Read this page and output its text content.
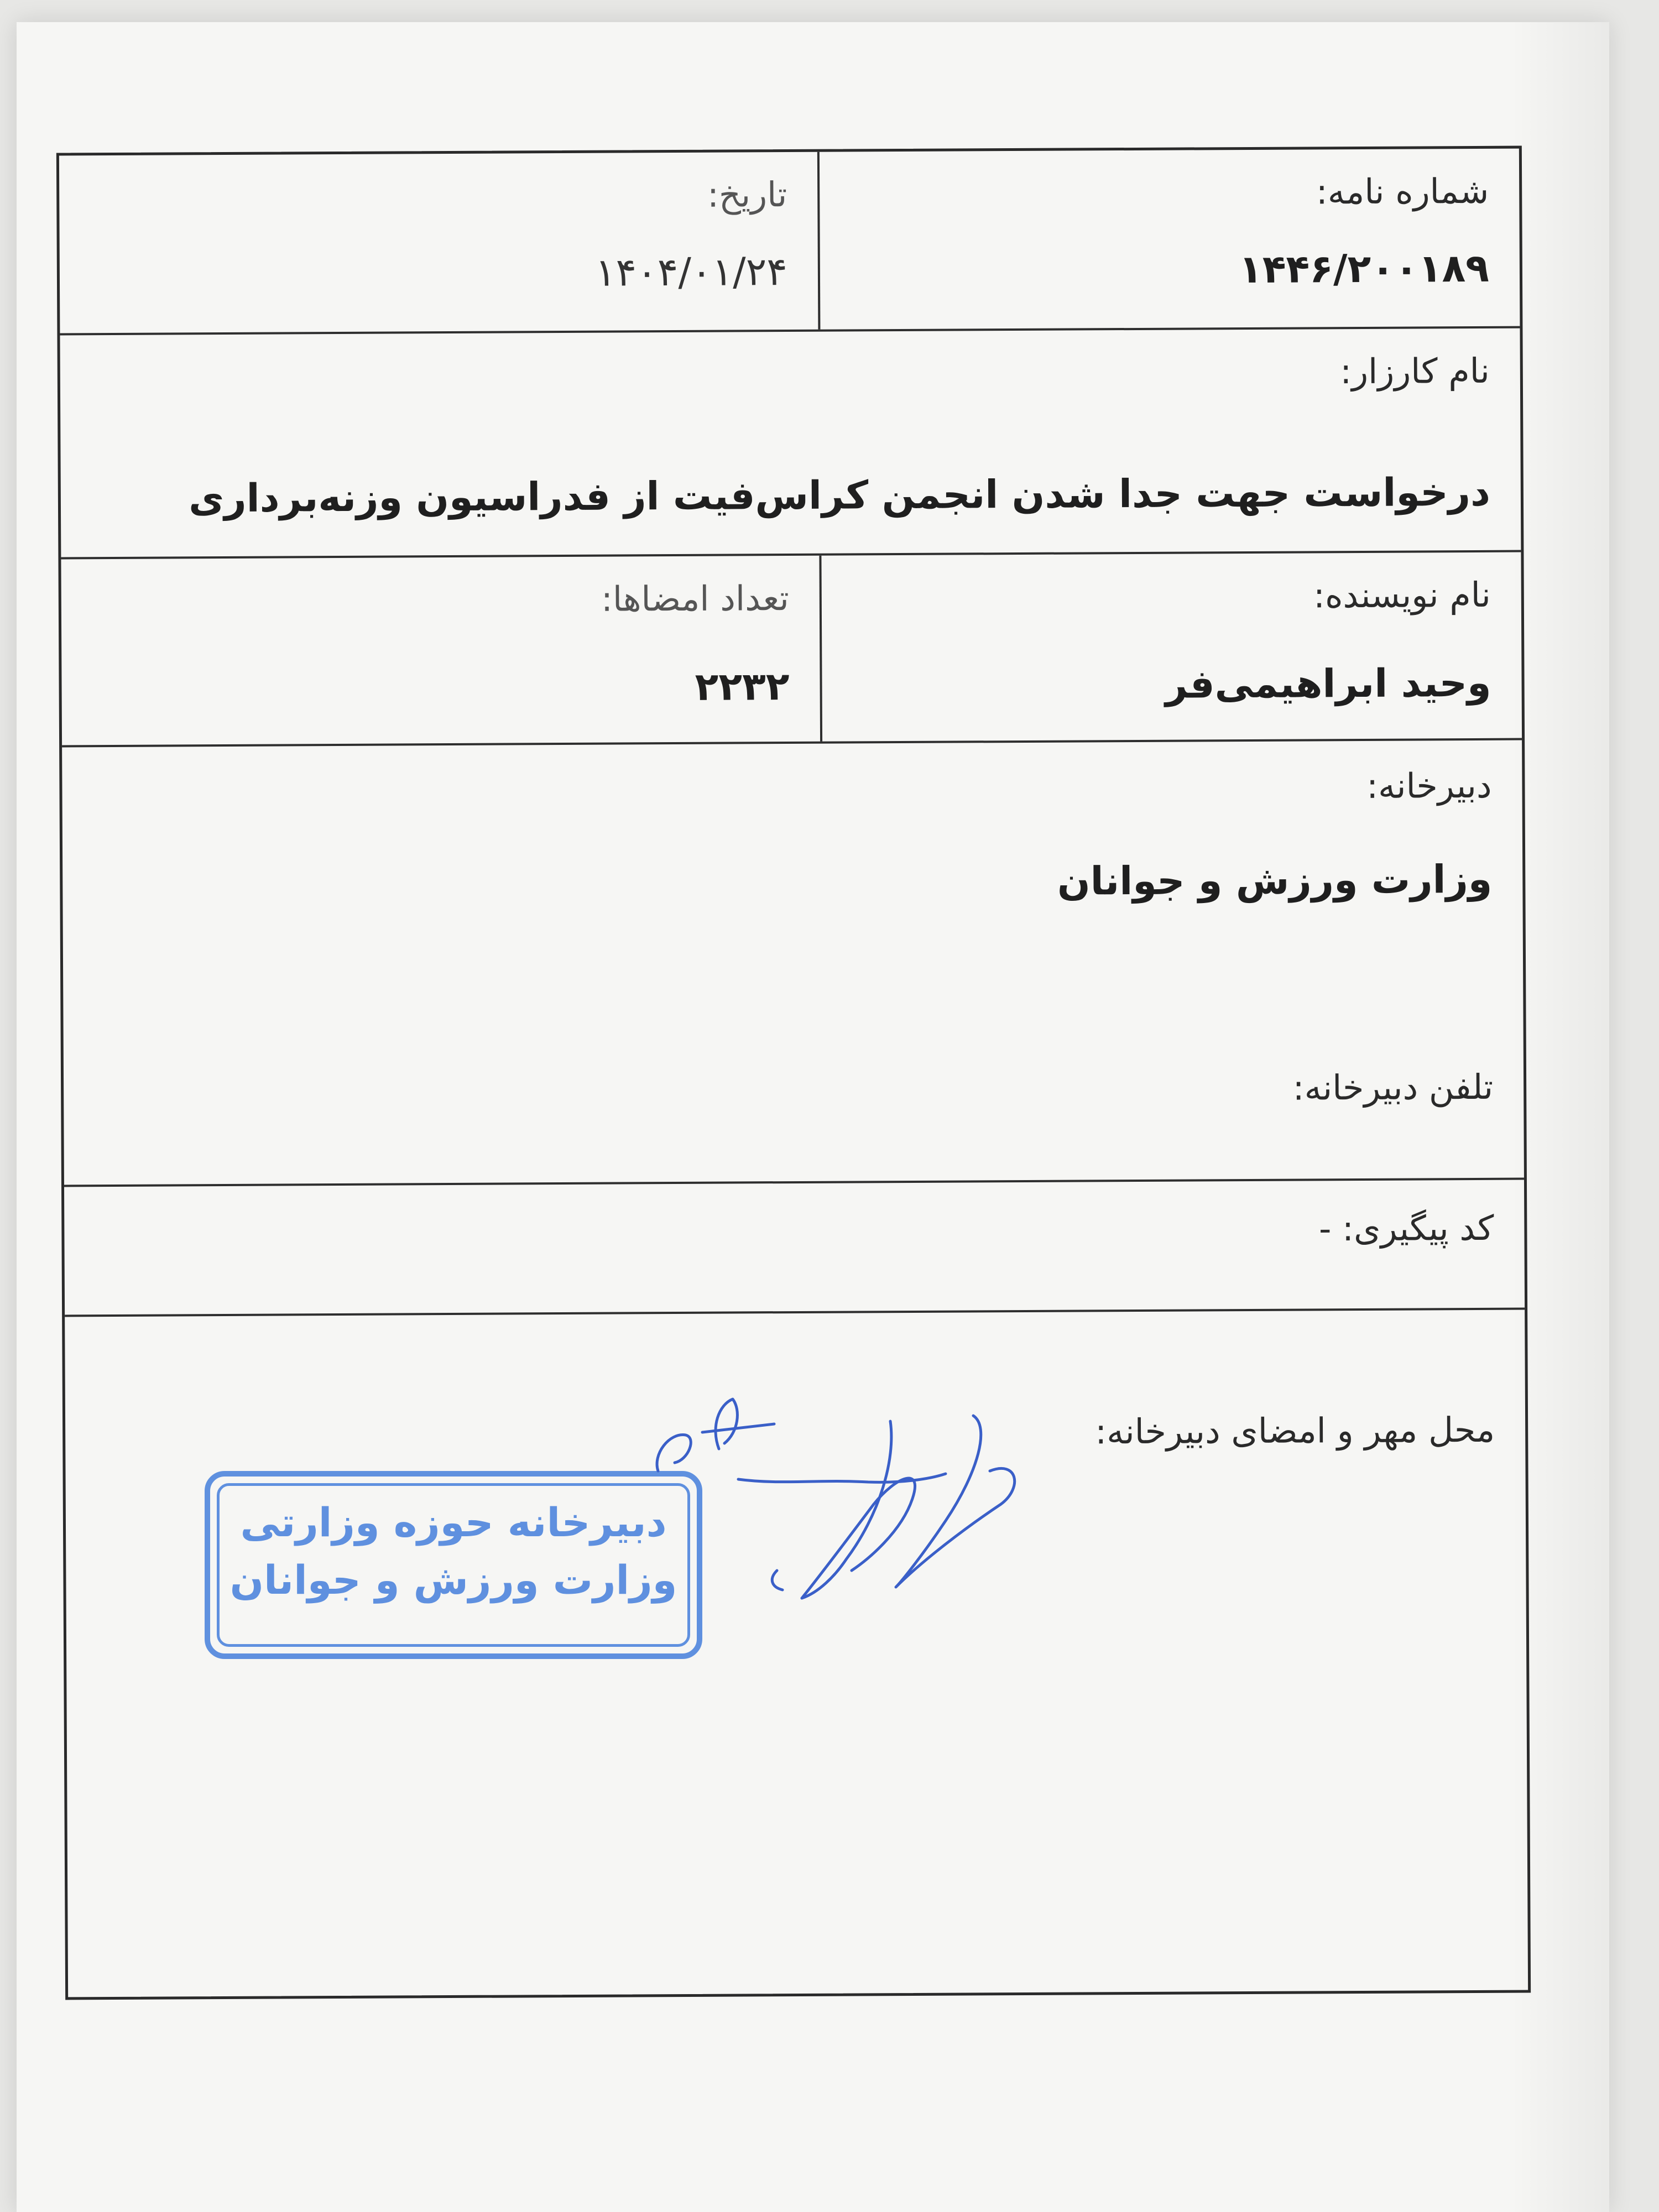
شماره نامه:
۱۴۴۶/۲۰۰۱۸۹
تاریخ:
۱۴۰۴/۰۱/۲۴
نام کارزار:
درخواست جهت جدا شدن انجمن کراس‌فیت از فدراسیون وزنه‌برداری
نام نویسنده:
وحید ابراهیمی‌فر
تعداد امضاها:
۲۲۳۲
دبیرخانه:
وزارت ورزش و جوانان
تلفن دبیرخانه:
کد پیگیری: -
محل مهر و امضای دبیرخانه:
دبیرخانه حوزه وزارتی
وزارت ورزش و جوانان
